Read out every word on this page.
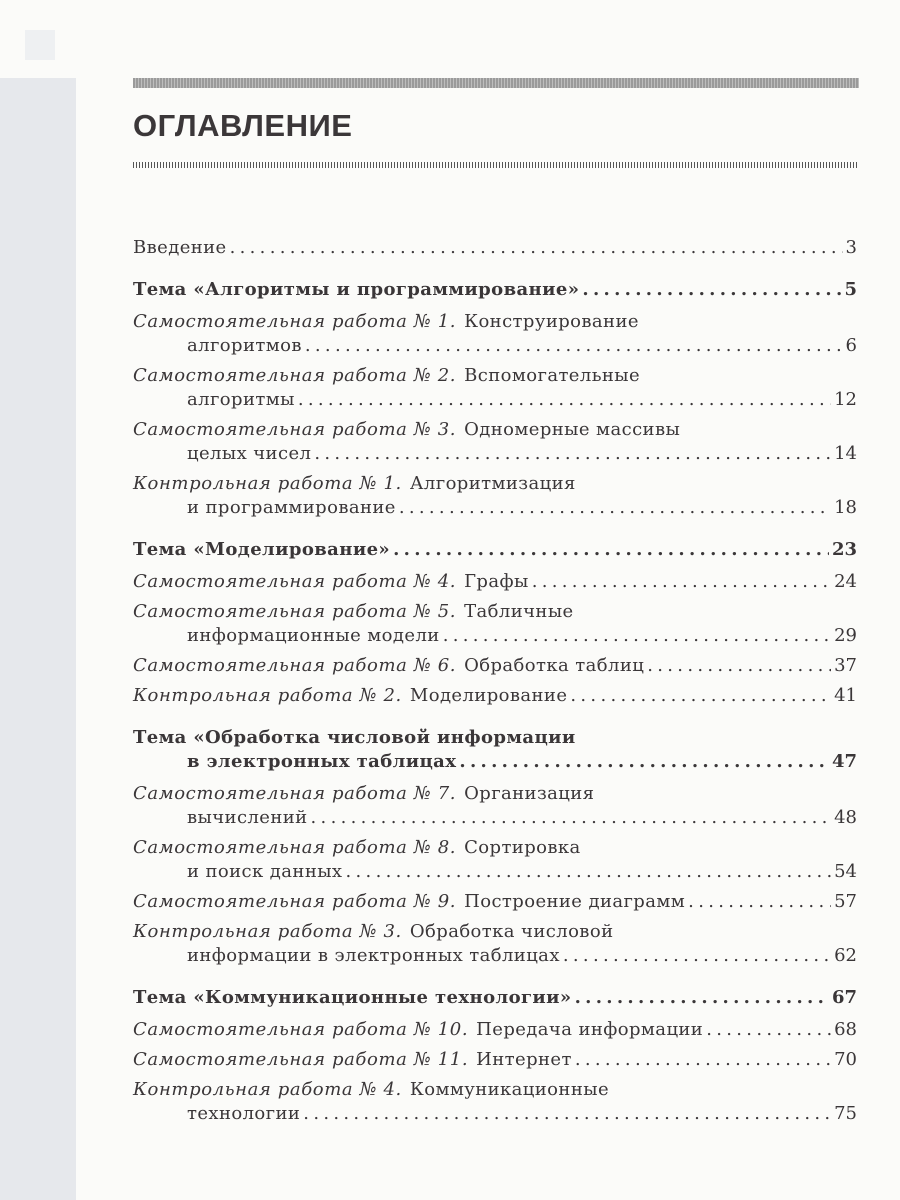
ОГЛАВЛЕНИЕ
Введение .....	3
Тема «Алгоритмы и программирование» .....	5
Самостоятельная работа № 1. Конструирование
алгоритмов .....	6
Самостоятельная работа № 2. Вспомогательные
алгоритмы .....	12
Самостоятельная работа № 3. Одномерные массивы
целых чисел .....	14
Контрольная работа № 1. Алгоритмизация
и программирование .....	18
Тема «Моделирование» .....	23
Самостоятельная работа № 4. Графы .....	24
Самостоятельная работа № 5. Табличные
информационные модели .....	29
Самостоятельная работа № 6. Обработка таблиц .....	37
Контрольная работа № 2. Моделирование .....	41
Тема «Обработка числовой информации
в электронных таблицах .....	47
Самостоятельная работа № 7. Организация
вычислений .....	48
Самостоятельная работа № 8. Сортировка
и поиск данных .....	54
Самостоятельная работа № 9. Построение диаграмм .....	57
Контрольная работа № 3. Обработка числовой
информации в электронных таблицах .....	62
Тема «Коммуникационные технологии» .....	67
Самостоятельная работа № 10. Передача информации .....	68
Самостоятельная работа № 11. Интернет .....	70
Контрольная работа № 4. Коммуникационные
технологии .....	75
